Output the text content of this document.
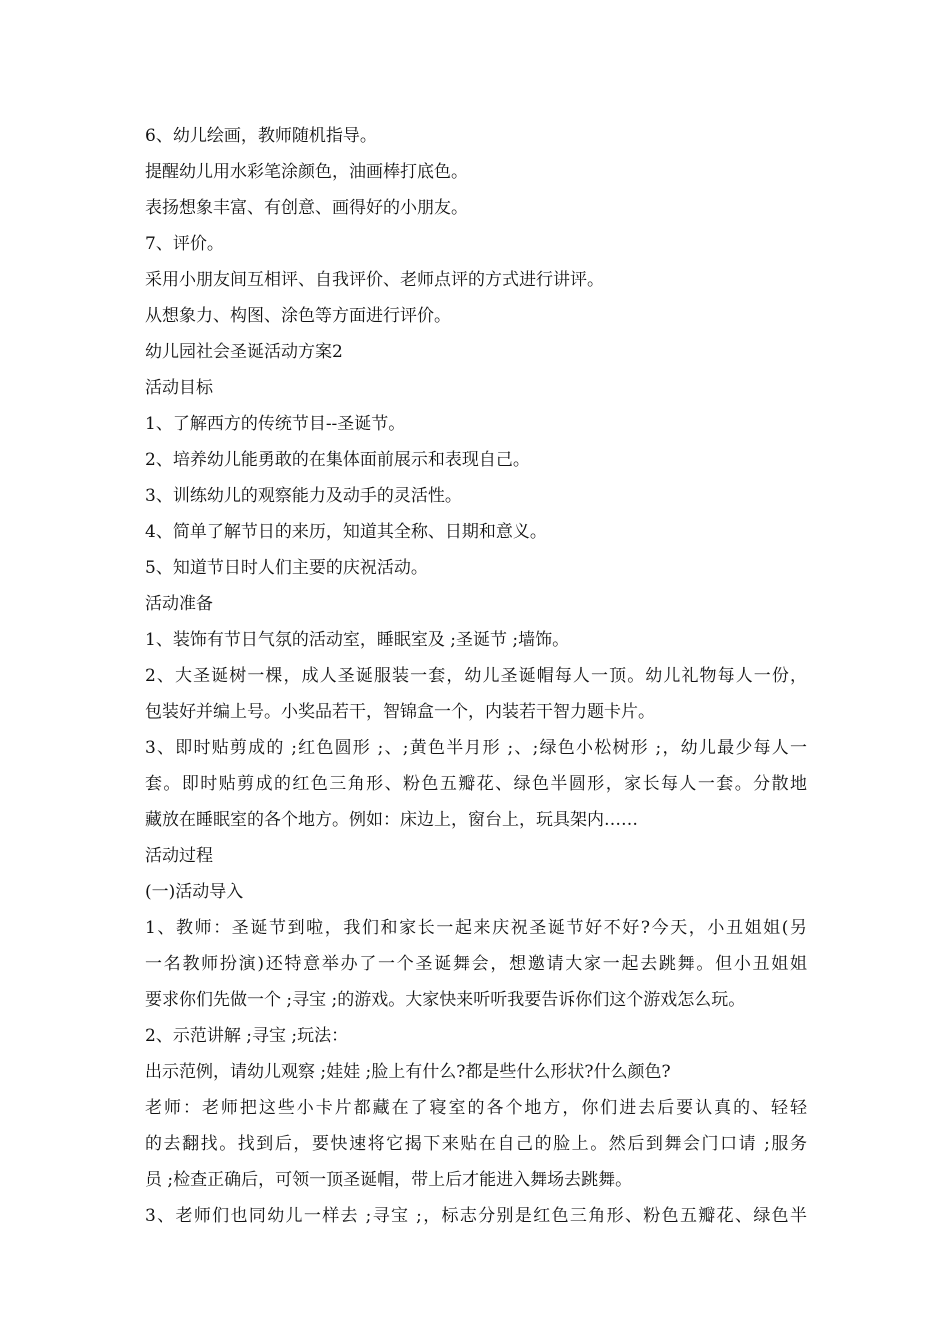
6、幼儿绘画，教师随机指导。
提醒幼儿用水彩笔涂颜色，油画棒打底色。
表扬想象丰富、有创意、画得好的小朋友。
7、评价。
采用小朋友间互相评、自我评价、老师点评的方式进行讲评。
从想象力、构图、涂色等方面进行评价。
幼儿园社会圣诞活动方案2
活动目标
1、了解西方的传统节目--圣诞节。
2、培养幼儿能勇敢的在集体面前展示和表现自己。
3、训练幼儿的观察能力及动手的灵活性。
4、简单了解节日的来历，知道其全称、日期和意义。
5、知道节日时人们主要的庆祝活动。
活动准备
1、装饰有节日气氛的活动室，睡眠室及 ;圣诞节 ;墙饰。
2、大圣诞树一棵，成人圣诞服装一套，幼儿圣诞帽每人一顶。幼儿礼物每人一份，
包装好并编上号。小奖品若干，智锦盒一个，内装若干智力题卡片。
3、即时贴剪成的 ;红色圆形 ;、;黄色半月形 ;、;绿色小松树形 ;，幼儿最少每人一
套。即时贴剪成的红色三角形、粉色五瓣花、绿色半圆形，家长每人一套。分散地
藏放在睡眠室的各个地方。例如：床边上，窗台上，玩具架内……
活动过程
(一)活动导入
1、教师：圣诞节到啦，我们和家长一起来庆祝圣诞节好不好?今天，小丑姐姐(另
一名教师扮演)还特意举办了一个圣诞舞会，想邀请大家一起去跳舞。但小丑姐姐
要求你们先做一个 ;寻宝 ;的游戏。大家快来听听我要告诉你们这个游戏怎么玩。
2、示范讲解 ;寻宝 ;玩法：
出示范例，请幼儿观察 ;娃娃 ;脸上有什么?都是些什么形状?什么颜色?
老师：老师把这些小卡片都藏在了寝室的各个地方，你们进去后要认真的、轻轻
的去翻找。找到后，要快速将它揭下来贴在自己的脸上。然后到舞会门口请 ;服务
员 ;检查正确后，可领一顶圣诞帽，带上后才能进入舞场去跳舞。
3、老师们也同幼儿一样去 ;寻宝 ;，标志分别是红色三角形、粉色五瓣花、绿色半
